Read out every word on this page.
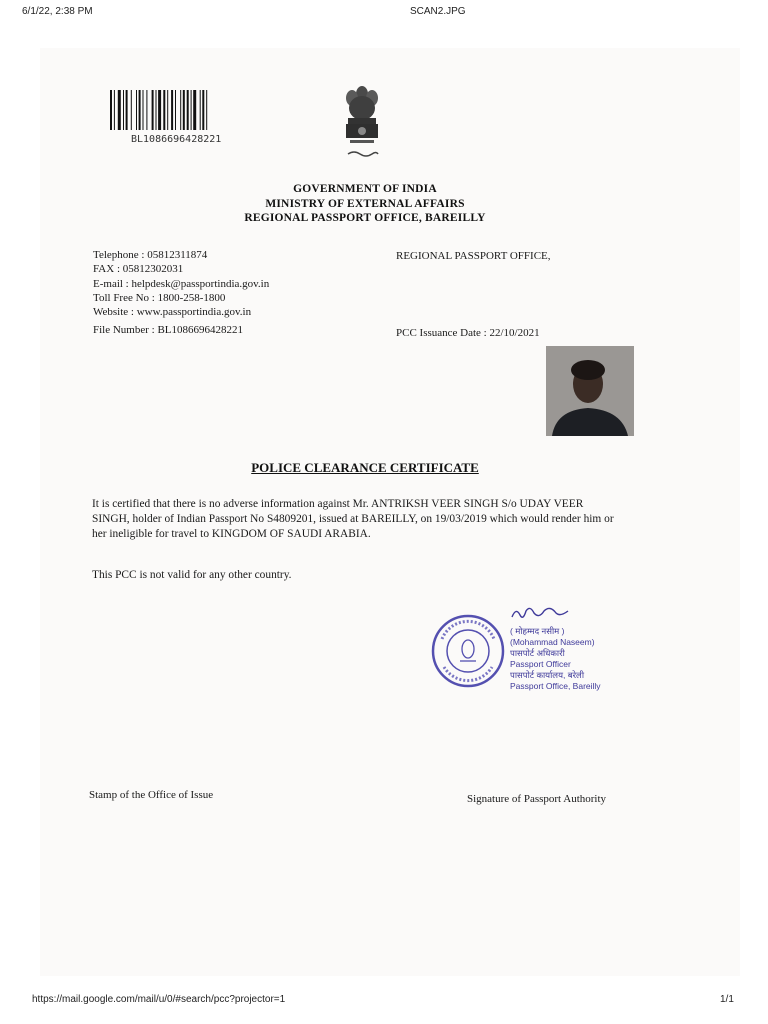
6/1/22, 2:38 PM	SCAN2.JPG
BL1086696428221
GOVERNMENT OF INDIA
MINISTRY OF EXTERNAL AFFAIRS
REGIONAL PASSPORT OFFICE, BAREILLY
Telephone : 05812311874
FAX : 05812302031
E-mail : helpdesk@passportindia.gov.in
Toll Free No : 1800-258-1800
Website : www.passportindia.gov.in
File Number : BL1086696428221
REGIONAL PASSPORT OFFICE,
PCC Issuance Date : 22/10/2021
POLICE CLEARANCE CERTIFICATE
It is certified that there is no adverse information against Mr. ANTRIKSH VEER SINGH S/o UDAY VEER SINGH, holder of Indian Passport No S4809201, issued at BAREILLY, on 19/03/2019 which would render him or her ineligible for travel to KINGDOM OF SAUDI ARABIA.
This PCC is not valid for any other country.
( मोहम्मद नसीम )
(Mohammad Naseem)
पासपोर्ट अधिकारी
Passport Officer
पासपोर्ट कार्यालय, बरेली
Passport Office, Bareilly
Stamp of the Office of Issue	Signature of Passport Authority
https://mail.google.com/mail/u/0/#search/pcc?projector=1	1/1
